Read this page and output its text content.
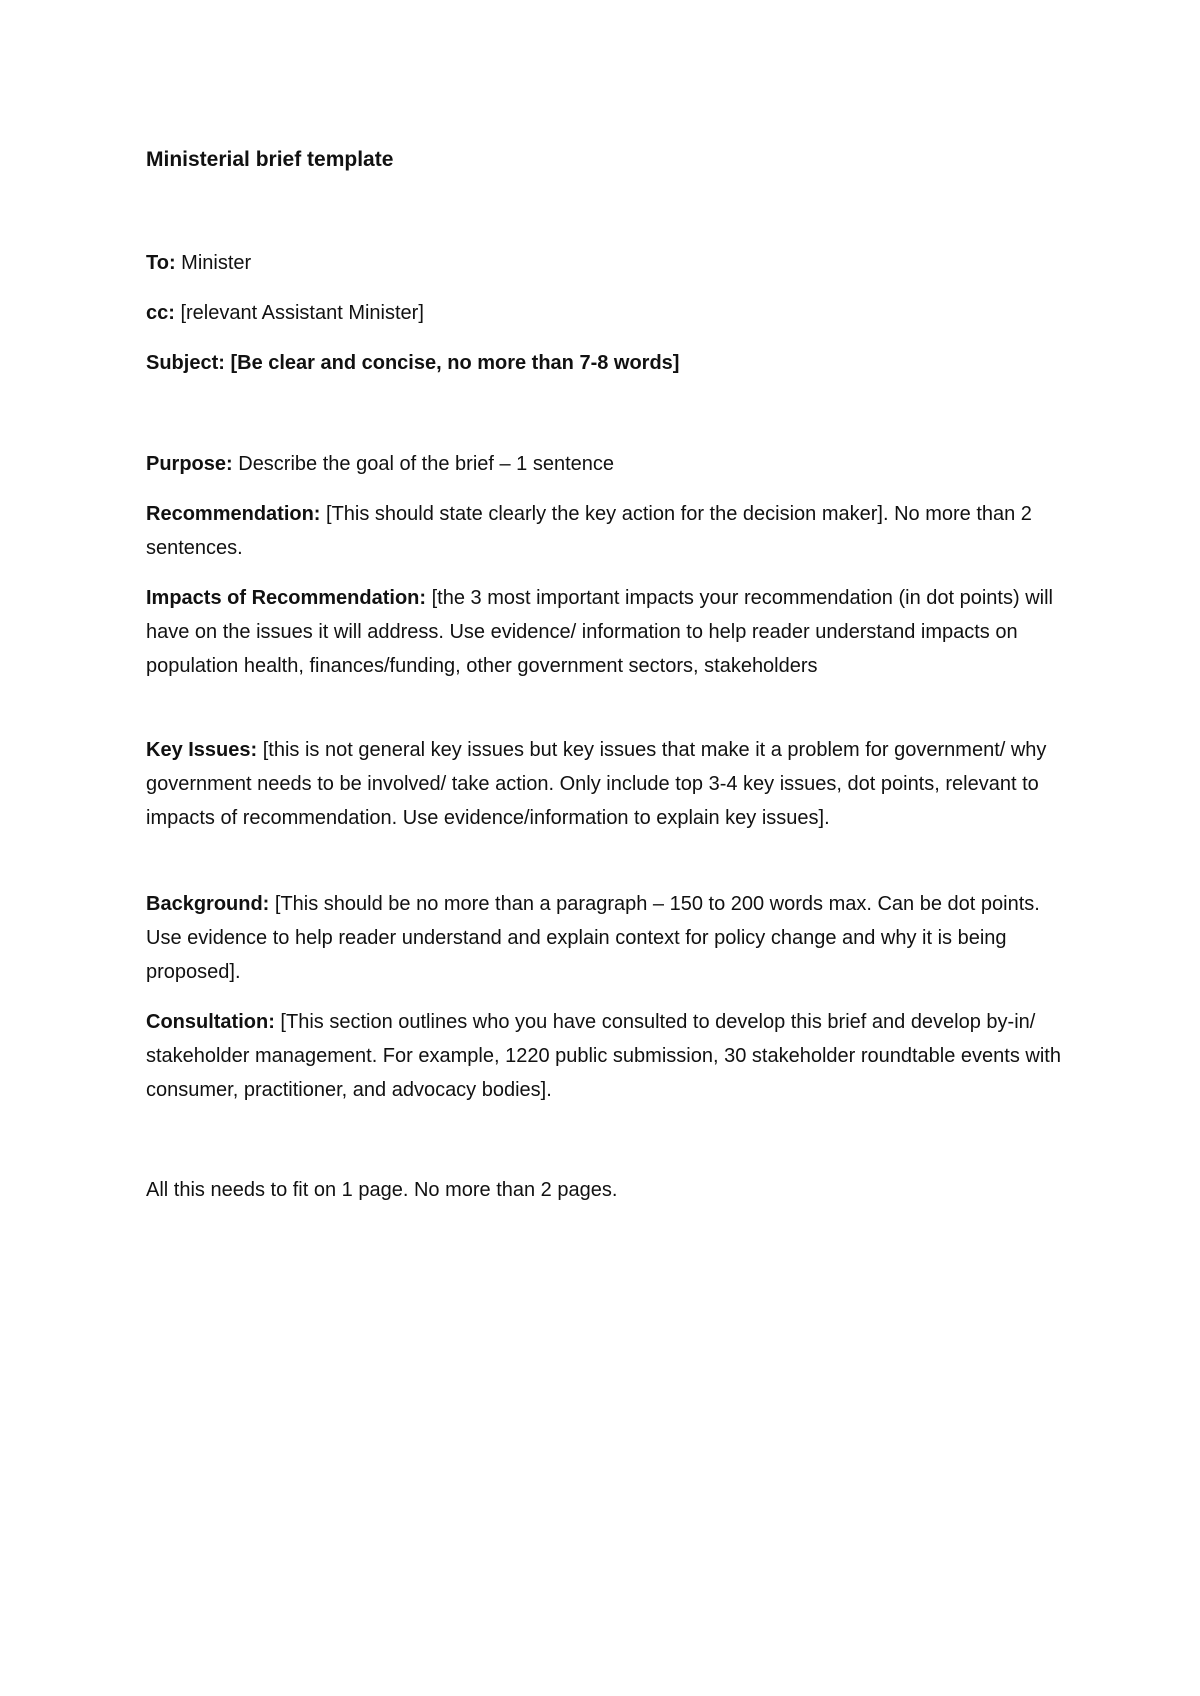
Ministerial brief template

To: Minister

cc: [relevant Assistant Minister]

Subject: [Be clear and concise, no more than 7-8 words]

Purpose: Describe the goal of the brief – 1 sentence

Recommendation: [This should state clearly the key action for the decision maker]. No more than 2 sentences.

Impacts of Recommendation: [the 3 most important impacts your recommendation (in dot points) will have on the issues it will address. Use evidence/ information to help reader understand impacts on population health, finances/funding, other government sectors, stakeholders

Key Issues: [this is not general key issues but key issues that make it a problem for government/ why government needs to be involved/ take action. Only include top 3-4 key issues, dot points, relevant to impacts of recommendation. Use evidence/information to explain key issues].

Background: [This should be no more than a paragraph – 150 to 200 words max. Can be dot points. Use evidence to help reader understand and explain context for policy change and why it is being proposed].

Consultation: [This section outlines who you have consulted to develop this brief and develop by-in/ stakeholder management. For example, 1220 public submission, 30 stakeholder roundtable events with consumer, practitioner, and advocacy bodies].

All this needs to fit on 1 page. No more than 2 pages.
